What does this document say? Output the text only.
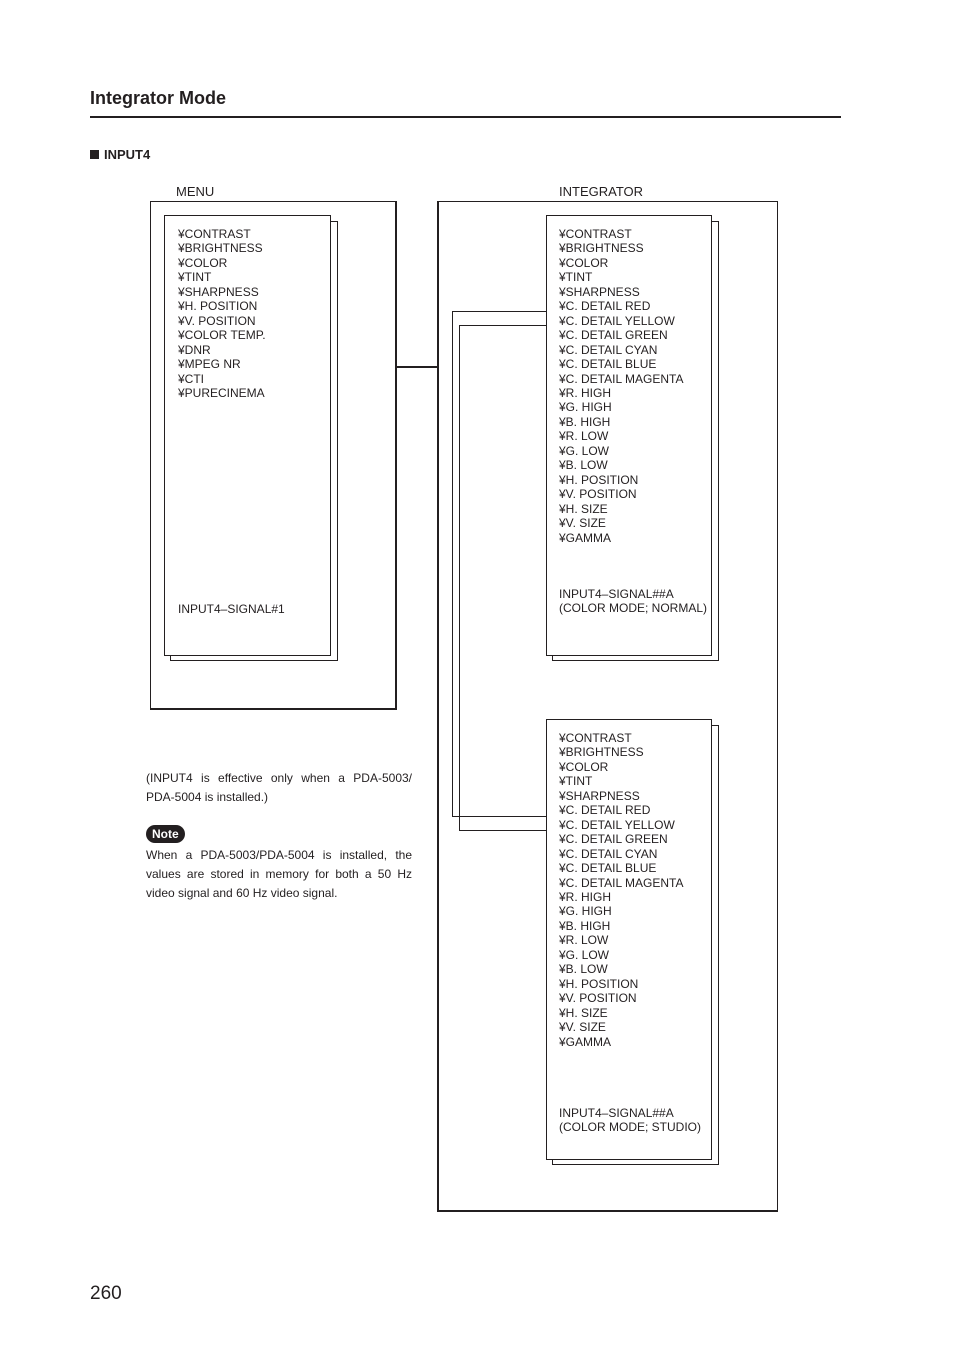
Integrator Mode
INPUT4
MENU	INTEGRATOR
¥CONTRAST
¥BRIGHTNESS
¥COLOR
¥TINT
¥SHARPNESS
¥H. POSITION
¥V. POSITION
¥COLOR TEMP.
¥DNR
¥MPEG NR
¥CTI
¥PURECINEMA
INPUT4–SIGNAL#1
¥CONTRAST
¥BRIGHTNESS
¥COLOR
¥TINT
¥SHARPNESS
¥C. DETAIL RED
¥C. DETAIL YELLOW
¥C. DETAIL GREEN
¥C. DETAIL CYAN
¥C. DETAIL BLUE
¥C. DETAIL MAGENTA
¥R. HIGH
¥G. HIGH
¥B. HIGH
¥R. LOW
¥G. LOW
¥B. LOW
¥H. POSITION
¥V. POSITION
¥H. SIZE
¥V. SIZE
¥GAMMA
INPUT4–SIGNAL##A
(COLOR MODE; NORMAL)
¥CONTRAST
¥BRIGHTNESS
¥COLOR
¥TINT
¥SHARPNESS
¥C. DETAIL RED
¥C. DETAIL YELLOW
¥C. DETAIL GREEN
¥C. DETAIL CYAN
¥C. DETAIL BLUE
¥C. DETAIL MAGENTA
¥R. HIGH
¥G. HIGH
¥B. HIGH
¥R. LOW
¥G. LOW
¥B. LOW
¥H. POSITION
¥V. POSITION
¥H. SIZE
¥V. SIZE
¥GAMMA
INPUT4–SIGNAL##A
(COLOR MODE; STUDIO)
(INPUT4 is effective only when a PDA-5003/ PDA-5004 is installed.)
Note
When a PDA-5003/PDA-5004 is installed, the values are stored in memory for both a 50 Hz video signal and 60 Hz video signal.
260
